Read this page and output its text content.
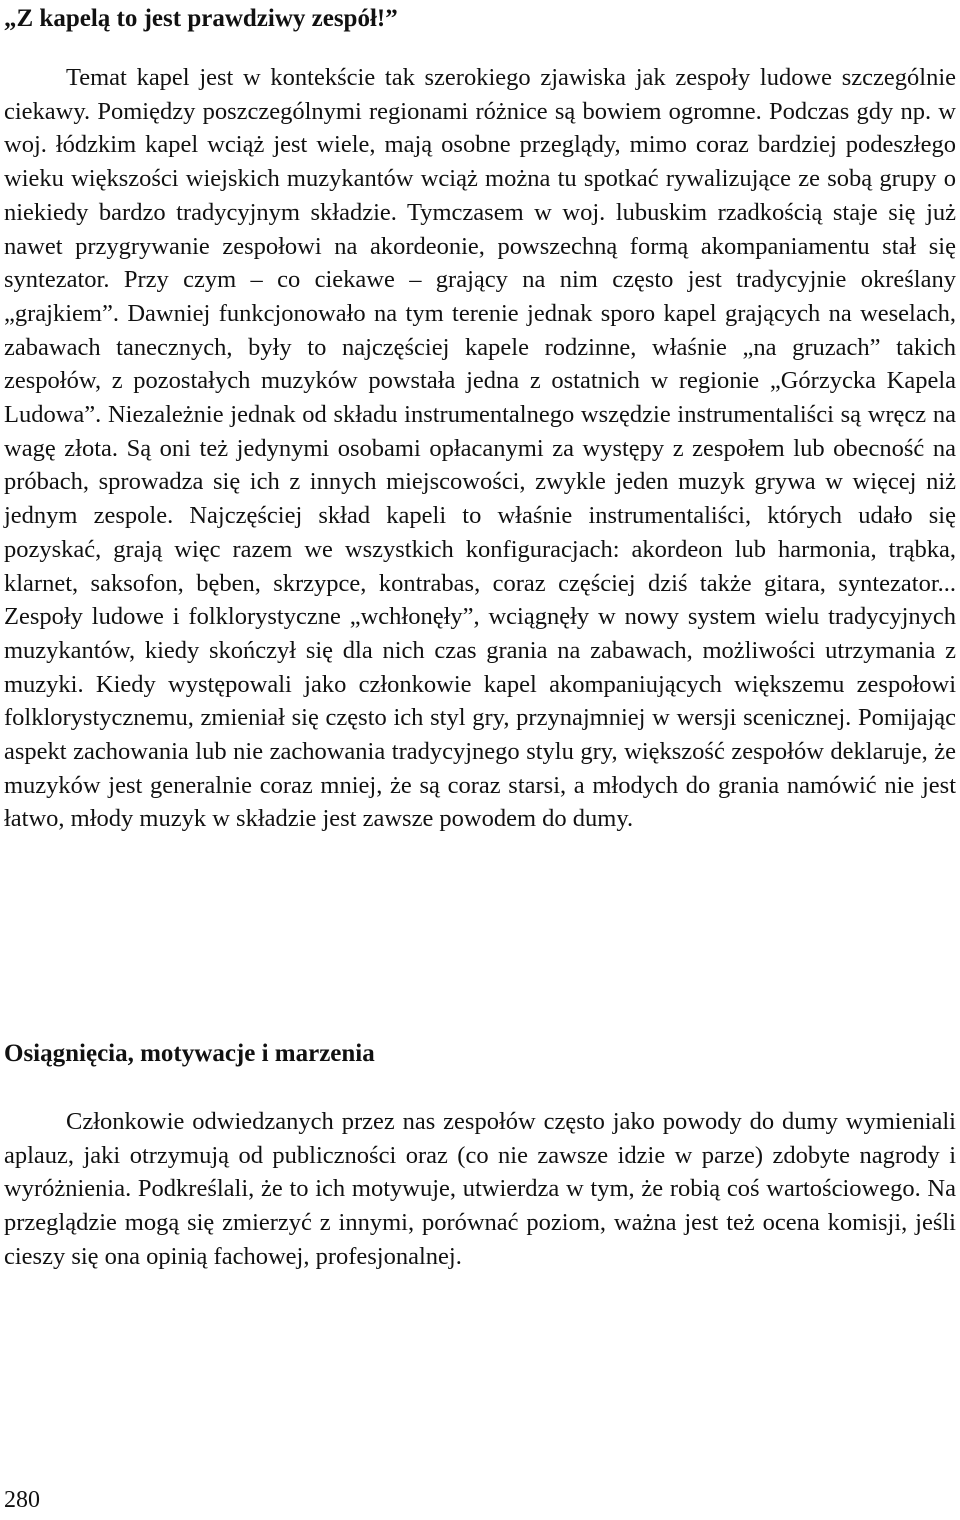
„Z kapelą to jest prawdziwy zespół!”

Temat kapel jest w kontekście tak szerokiego zjawiska jak zespoły ludowe szczególnie ciekawy. Pomiędzy poszczególnymi regionami różnice są bowiem ogromne. Podczas gdy np. w woj. łódzkim kapel wciąż jest wiele, mają osobne przeglądy, mimo coraz bardziej podeszłego wieku większości wiejskich muzykantów wciąż można tu spotkać rywalizujące ze sobą grupy o niekiedy bardzo tradycyjnym składzie. Tymczasem w woj. lubuskim rzadkością staje się już nawet przygrywanie zespołowi na akordeonie, powszechną formą akompaniamentu stał się syntezator. Przy czym – co ciekawe – grający na nim często jest tradycyjnie określany „grajkiem”. Dawniej funkcjonowało na tym terenie jednak sporo kapel grających na weselach, zabawach tanecznych, były to najczęściej kapele rodzinne, właśnie „na gruzach” takich zespołów, z pozostałych muzyków powstała jedna z ostatnich w regionie „Górzycka Kapela Ludowa”. Niezależnie jednak od składu instrumentalnego wszędzie instrumentaliści są wręcz na wagę złota. Są oni też jedynymi osobami opłacanymi za występy z zespołem lub obecność na próbach, sprowadza się ich z innych miejscowości, zwykle jeden muzyk grywa w więcej niż jednym zespole. Najczęściej skład kapeli to właśnie instrumentaliści, których udało się pozyskać, grają więc razem we wszystkich konfiguracjach: akordeon lub harmonia, trąbka, klarnet, saksofon, bęben, skrzypce, kontrabas, coraz częściej dziś także gitara, syntezator... Zespoły ludowe i folklorystyczne „wchłonęły”, wciągnęły w nowy system wielu tradycyjnych muzykantów, kiedy skończył się dla nich czas grania na zabawach, możliwości utrzymania z muzyki. Kiedy występowali jako członkowie kapel akompaniujących większemu zespołowi folklorystycznemu, zmieniał się często ich styl gry, przynajmniej w wersji scenicznej. Pomijając aspekt zachowania lub nie zachowania tradycyjnego stylu gry, większość zespołów deklaruje, że muzyków jest generalnie coraz mniej, że są coraz starsi, a młodych do grania namówić nie jest łatwo, młody muzyk w składzie jest zawsze powodem do dumy.

Osiągnięcia, motywacje i marzenia

Członkowie odwiedzanych przez nas zespołów często jako powody do dumy wymieniali aplauz, jaki otrzymują od publiczności oraz (co nie zawsze idzie w parze) zdobyte nagrody i wyróżnienia. Podkreślali, że to ich motywuje, utwierdza w tym, że robią coś wartościowego. Na przeglądzie mogą się zmierzyć z innymi, porównać poziom, ważna jest też ocena komisji, jeśli cieszy się ona opinią fachowej, profesjonalnej.

280
